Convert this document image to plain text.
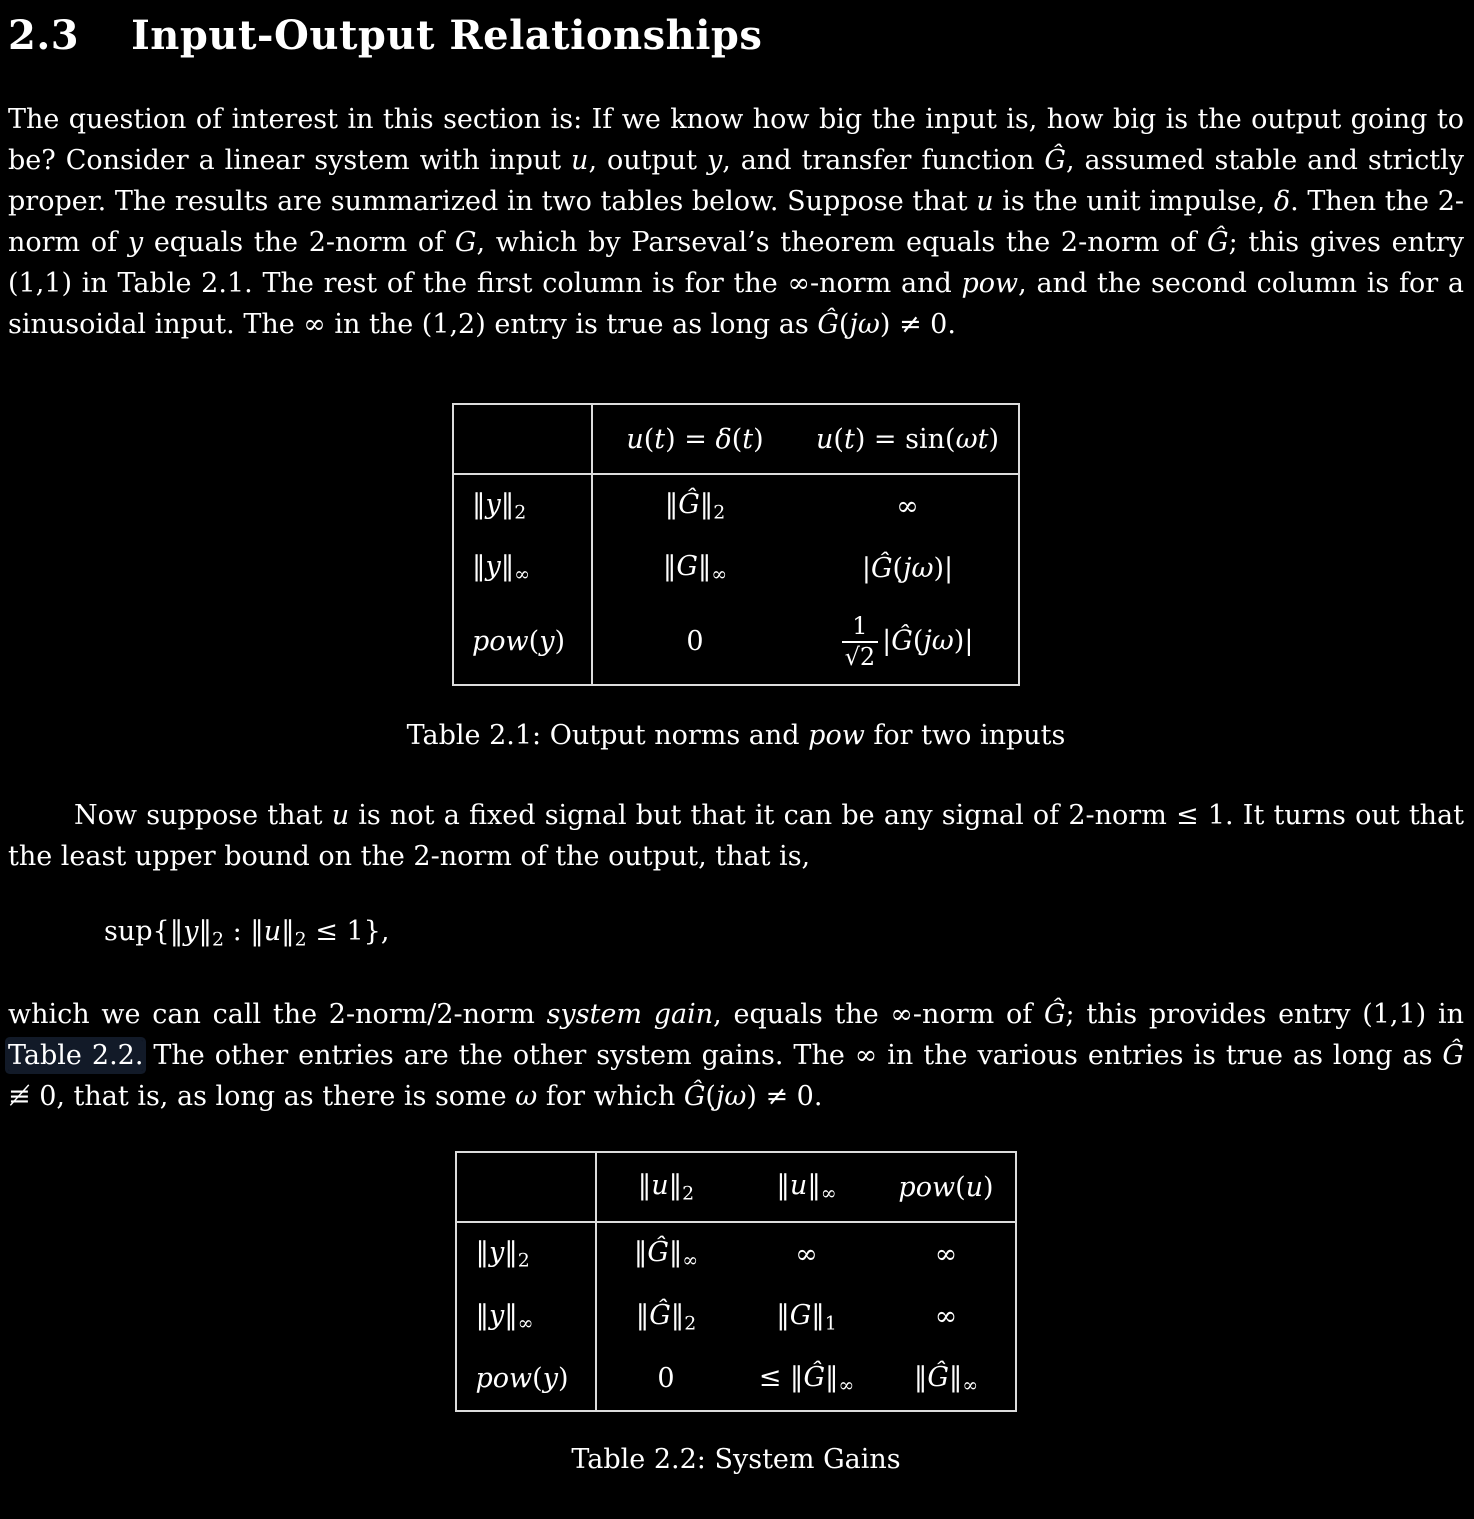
2.3 Input-Output Relationships

The question of interest in this section is: If we know how big the input is, how big is the output going to be? Consider a linear system with input u, output y, and transfer function Ĝ, assumed stable and strictly proper. The results are summarized in two tables below. Suppose that u is the unit impulse, δ. Then the 2-norm of y equals the 2-norm of G, which by Parseval’s theorem equals the 2-norm of Ĝ; this gives entry (1,1) in Table 2.1. The rest of the first column is for the ∞-norm and pow, and the second column is for a sinusoidal input. The ∞ in the (1,2) entry is true as long as Ĝ(jω) ≠ 0.

	u(t) = δ(t)	u(t) = sin(ωt)
‖y‖2	‖Ĝ‖2	∞
‖y‖∞	‖G‖∞	|Ĝ(jω)|
pow(y)	0	$\frac{1}{√2}$ |Ĝ(jω)|
Table 2.1: Output norms and pow for two inputs

Now suppose that u is not a fixed signal but that it can be any signal of 2-norm ≤ 1. It turns out that the least upper bound on the 2-norm of the output, that is,

sup{‖y‖2 : ‖u‖2 ≤ 1},

which we can call the 2-norm/2-norm system gain, equals the ∞-norm of Ĝ; this provides entry (1,1) in Table 2.2. The other entries are the other system gains. The ∞ in the various entries is true as long as Ĝ ≢ 0, that is, as long as there is some ω for which Ĝ(jω) ≠ 0.

	‖u‖2	‖u‖∞	pow(u)
‖y‖2	‖Ĝ‖∞	∞	∞
‖y‖∞	‖Ĝ‖2	‖G‖1	∞
pow(y)	0	≤ ‖Ĝ‖∞	‖Ĝ‖∞
Table 2.2: System Gains
